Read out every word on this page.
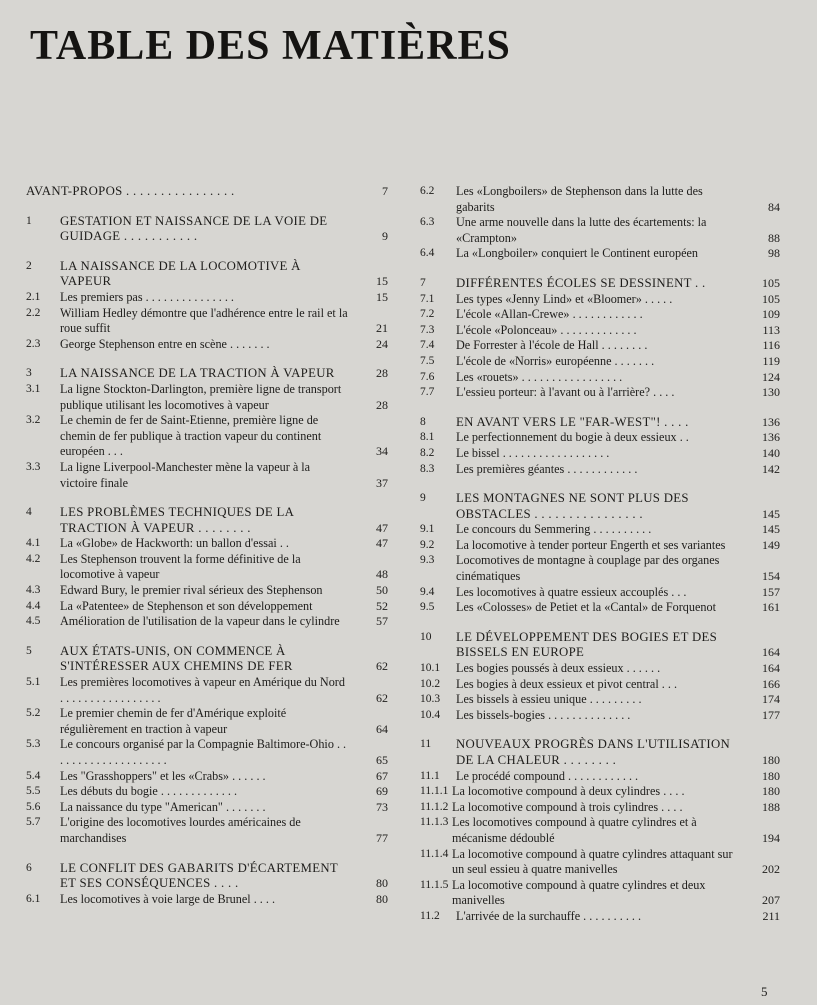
TABLE DES MATIÈRES
AVANT-PROPOS . . . . . . . . . . . . . . . .	7
1 GESTATION ET NAISSANCE DE LA VOIE DE GUIDAGE . . . . . . . . . . .	9
2 LA NAISSANCE DE LA LOCOMOTIVE À VAPEUR	15
2.1 Les premiers pas . . . . . . . . . . . . . . .	15
2.2 William Hedley démontre que l'adhérence entre le rail et la roue suffit	21
2.3 George Stephenson entre en scène . . . . . . .	24
3 LA NAISSANCE DE LA TRACTION À VAPEUR	28
3.1 La ligne Stockton-Darlington, première ligne de transport publique utilisant les locomotives à vapeur	28
3.2 Le chemin de fer de Saint-Etienne, première ligne de chemin de fer publique à traction vapeur du continent européen . . .	34
3.3 La ligne Liverpool-Manchester mène la vapeur à la victoire finale	37
4 LES PROBLÈMES TECHNIQUES DE LA TRACTION À VAPEUR . . . . . . . .	47
4.1 La «Globe» de Hackworth: un ballon d'essai . .	47
4.2 Les Stephenson trouvent la forme définitive de la locomotive à vapeur	48
4.3 Edward Bury, le premier rival sérieux des Stephenson	50
4.4 La «Patentee» de Stephenson et son développement	52
4.5 Amélioration de l'utilisation de la vapeur dans le cylindre	57
5 AUX ÉTATS-UNIS, ON COMMENCE À S'INTÉRESSER AUX CHEMINS DE FER	62
5.1 Les premières locomotives à vapeur en Amérique du Nord . . . . . . . . . . . . . . . . .	62
5.2 Le premier chemin de fer d'Amérique exploité régulièrement en traction à vapeur	64
5.3 Le concours organisé par la Compagnie Baltimore-Ohio . . . . . . . . . . . . . . . . . . . .	65
5.4 Les "Grasshoppers" et les «Crabs» . . . . . .	67
5.5 Les débuts du bogie . . . . . . . . . . . . .	69
5.6 La naissance du type "American" . . . . . . .	73
5.7 L'origine des locomotives lourdes américaines de marchandises	77
6 LE CONFLIT DES GABARITS D'ÉCARTEMENT ET SES CONSÉQUENCES . . . .	80
6.1 Les locomotives à voie large de Brunel . . . .	80
6.2 Les «Longboilers» de Stephenson dans la lutte des gabarits	84
6.3 Une arme nouvelle dans la lutte des écartements: la «Crampton»	88
6.4 La «Longboiler» conquiert le Continent européen	98
7 DIFFÉRENTES ÉCOLES SE DESSINENT . .	105
7.1 Les types «Jenny Lind» et «Bloomer» . . . . .	105
7.2 L'école «Allan-Crewe» . . . . . . . . . . . .	109
7.3 L'école «Polonceau» . . . . . . . . . . . . .	113
7.4 De Forrester à l'école de Hall . . . . . . . .	116
7.5 L'école de «Norris» européenne . . . . . . .	119
7.6 Les «rouets» . . . . . . . . . . . . . . . . .	124
7.7 L'essieu porteur: à l'avant ou à l'arrière? . . . .	130
8 EN AVANT VERS LE "FAR-WEST"! . . . .	136
8.1 Le perfectionnement du bogie à deux essieux . .	136
8.2 Le bissel . . . . . . . . . . . . . . . . . .	140
8.3 Les premières géantes . . . . . . . . . . . .	142
9 LES MONTAGNES NE SONT PLUS DES OBSTACLES . . . . . . . . . . . . . . . .	145
9.1 Le concours du Semmering . . . . . . . . . .	145
9.2 La locomotive à tender porteur Engerth et ses variantes	149
9.3 Locomotives de montagne à couplage par des organes cinématiques	154
9.4 Les locomotives à quatre essieux accouplés . . .	157
9.5 Les «Colosses» de Petiet et la «Cantal» de Forquenot	161
10 LE DÉVELOPPEMENT DES BOGIES ET DES BISSELS EN EUROPE	164
10.1 Les bogies poussés à deux essieux . . . . . .	164
10.2 Les bogies à deux essieux et pivot central . . .	166
10.3 Les bissels à essieu unique . . . . . . . . .	174
10.4 Les bissels-bogies . . . . . . . . . . . . . .	177
11 NOUVEAUX PROGRÈS DANS L'UTILISATION DE LA CHALEUR . . . . . . . .	180
11.1 Le procédé compound . . . . . . . . . . . .	180
11.1.1 La locomotive compound à deux cylindres . . . .	180
11.1.2 La locomotive compound à trois cylindres . . . .	188
11.1.3 Les locomotives compound à quatre cylindres et à mécanisme dédoublé	194
11.1.4 La locomotive compound à quatre cylindres attaquant sur un seul essieu à quatre manivelles	202
11.1.5 La locomotive compound à quatre cylindres et deux manivelles	207
11.2 L'arrivée de la surchauffe . . . . . . . . . .	211
5
